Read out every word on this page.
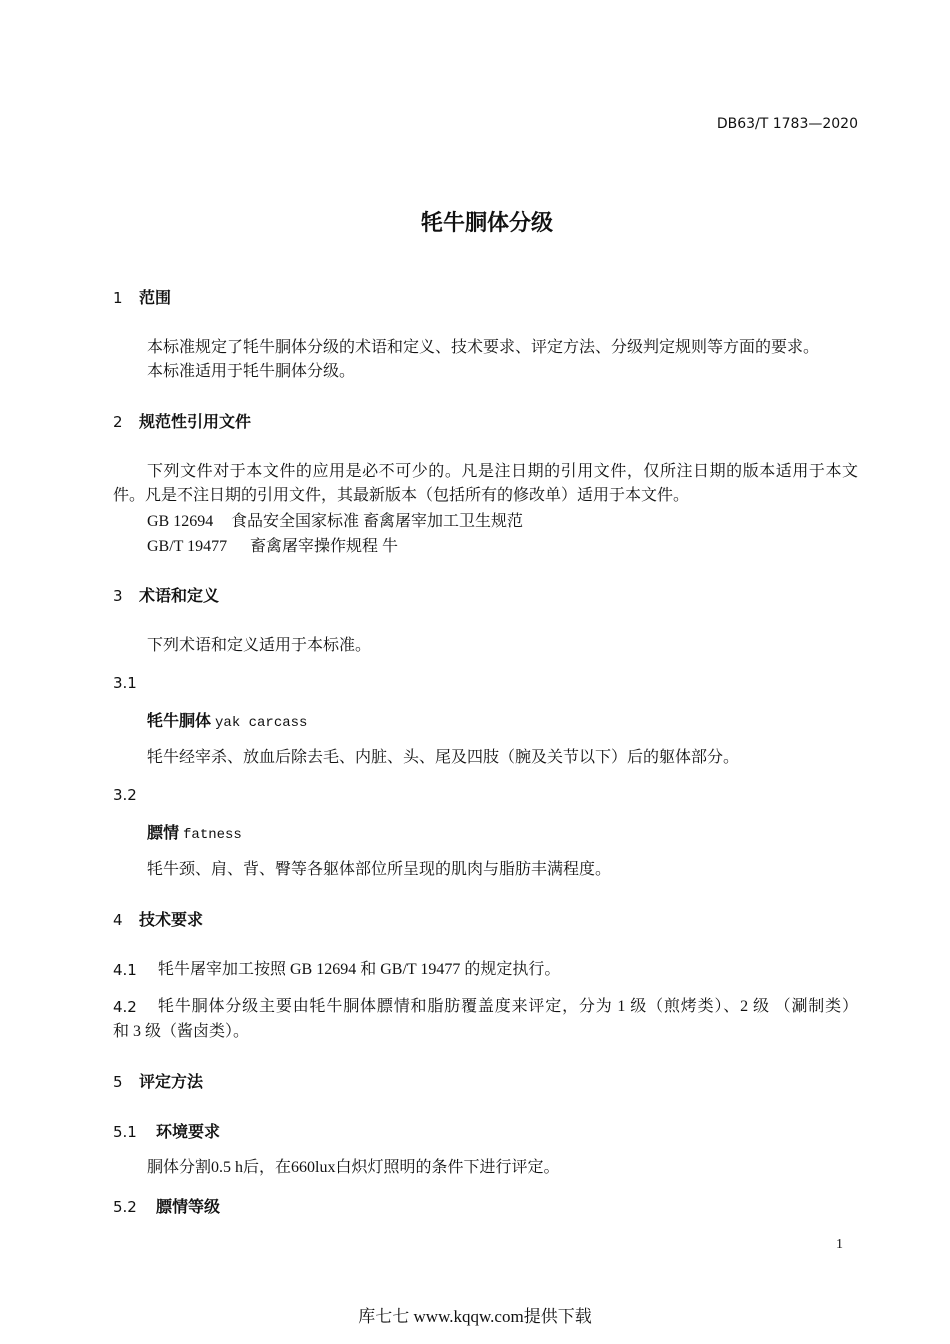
DB63/T 1783—2020
牦牛胴体分级
1 范围
本标准规定了牦牛胴体分级的术语和定义、技术要求、评定方法、分级判定规则等方面的要求。
本标准适用于牦牛胴体分级。
2 规范性引用文件
下列文件对于本文件的应用是必不可少的。凡是注日期的引用文件，仅所注日期的版本适用于本文
件。凡是不注日期的引用文件，其最新版本（包括所有的修改单）适用于本文件。
GB 12694 食品安全国家标准 畜禽屠宰加工卫生规范
GB/T 19477 畜禽屠宰操作规程 牛
3 术语和定义
下列术语和定义适用于本标准。
3.1
牦牛胴体 yak carcass
牦牛经宰杀、放血后除去毛、内脏、头、尾及四肢（腕及关节以下）后的躯体部分。
3.2
膘情 fatness
牦牛颈、肩、背、臀等各躯体部位所呈现的肌肉与脂肪丰满程度。
4 技术要求
4.1 牦牛屠宰加工按照 GB 12694 和 GB/T 19477 的规定执行。
4.2 牦牛胴体分级主要由牦牛胴体膘情和脂肪覆盖度来评定，分为 1 级（煎烤类）、2 级 （涮制类）
和 3 级（酱卤类）。
5 评定方法
5.1 环境要求
胴体分割0.5 h后，在660lux白炽灯照明的条件下进行评定。
5.2 膘情等级
1
库七七 www.kqqw.com提供下载
